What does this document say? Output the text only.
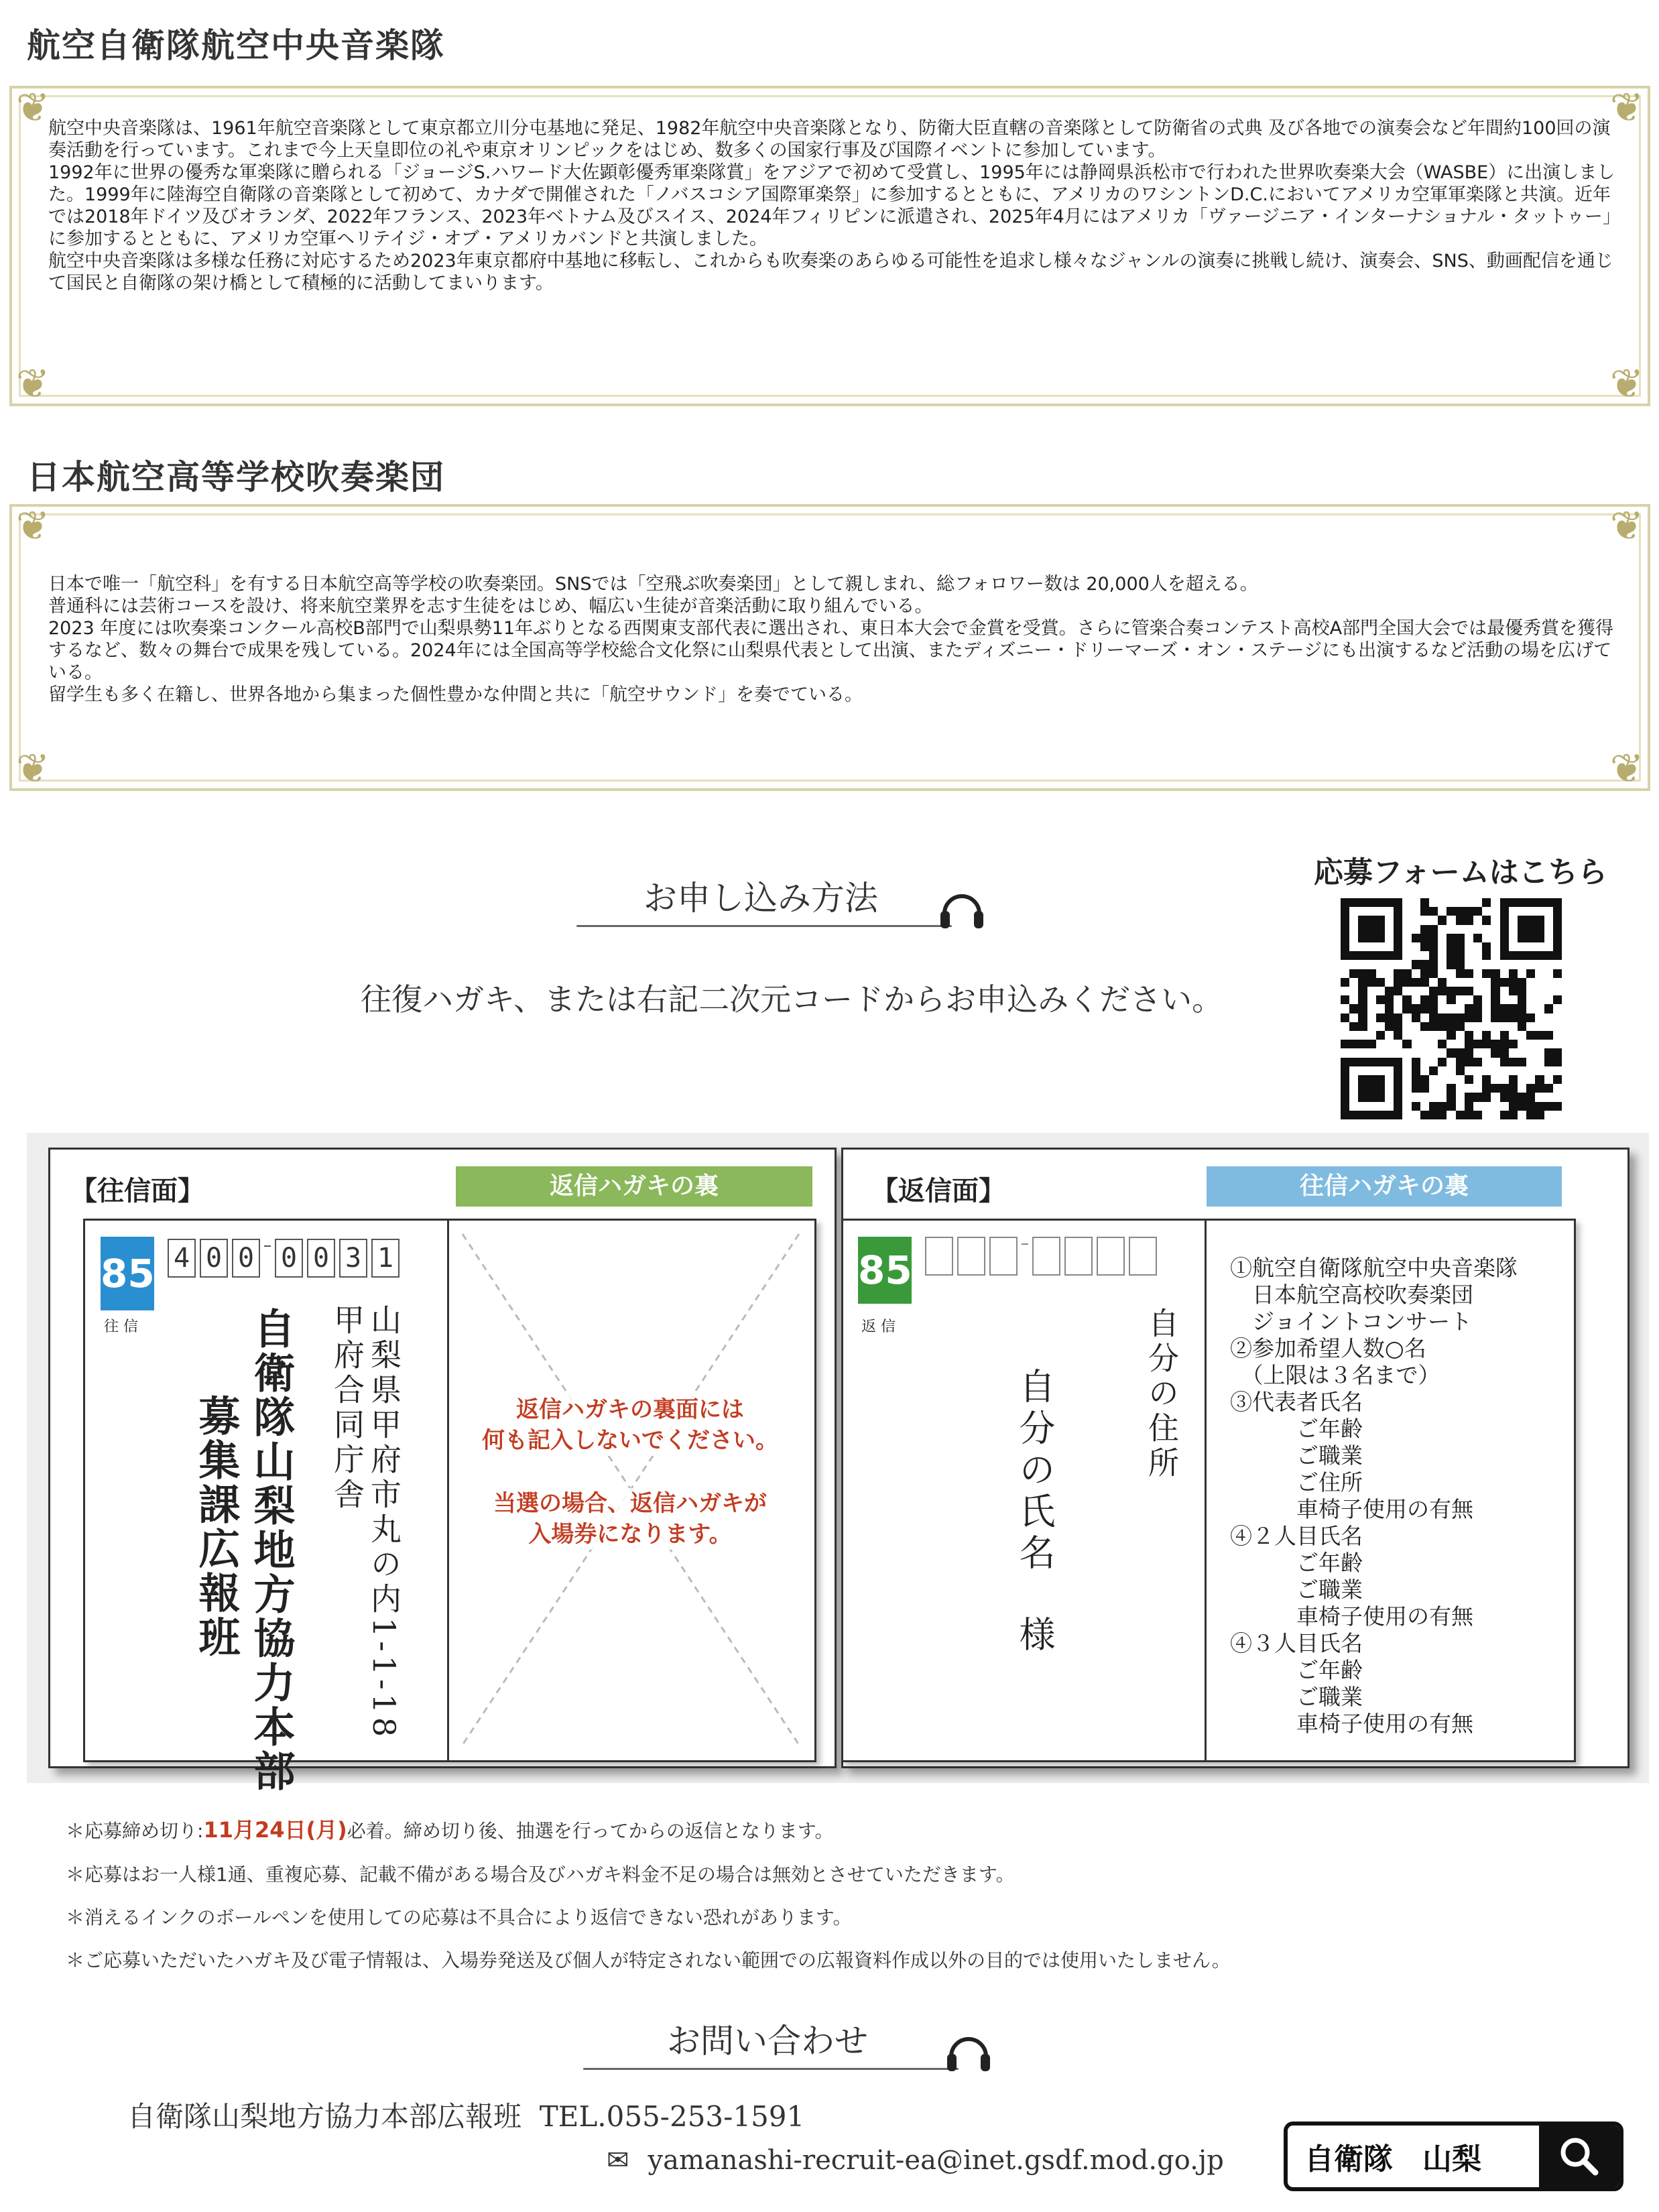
航空自衛隊航空中央音楽隊
❦	❦
❦	❦

航空中央音楽隊は、1961年航空音楽隊として東京都立川分屯基地に発足、1982年航空中央音楽隊となり、防衛大臣直轄の音楽隊として防衛省の式典 及び各地での演奏会など年間約100回の演奏活動を行っています。これまで今上天皇即位の礼や東京オリンピックをはじめ、数多くの国家行事及び国際イベントに参加しています。

1992年に世界の優秀な軍楽隊に贈られる「ジョージS.ハワード大佐顕彰優秀軍楽隊賞」をアジアで初めて受賞し、1995年には静岡県浜松市で行われた世界吹奏楽大会（WASBE）に出演しました。1999年に陸海空自衛隊の音楽隊として初めて、カナダで開催された「ノバスコシア国際軍楽祭」に参加するとともに、アメリカのワシントンD.C.においてアメリカ空軍軍楽隊と共演。近年では2018年ドイツ及びオランダ、2022年フランス、2023年ベトナム及びスイス、2024年フィリピンに派遣され、2025年4月にはアメリカ「ヴァージニア・インターナショナル・タットゥー」に参加するとともに、アメリカ空軍ヘリテイジ・オブ・アメリカバンドと共演しました。

航空中央音楽隊は多様な任務に対応するため2023年東京都府中基地に移転し、これからも吹奏楽のあらゆる可能性を追求し様々なジャンルの演奏に挑戦し続け、演奏会、SNS、動画配信を通じて国民と自衛隊の架け橋として積極的に活動してまいります。

日本航空高等学校吹奏楽団
❦	❦
❦	❦

日本で唯一「航空科」を有する日本航空高等学校の吹奏楽団。SNSでは「空飛ぶ吹奏楽団」として親しまれ、総フォロワー数は 20,000人を超える。

普通科には芸術コースを設け、将来航空業界を志す生徒をはじめ、幅広い生徒が音楽活動に取り組んでいる。

2023 年度には吹奏楽コンクール高校B部門で山梨県勢11年ぶりとなる西関東支部代表に選出され、東日本大会で金賞を受賞。さらに管楽合奏コンテスト高校A部門全国大会では最優秀賞を獲得するなど、数々の舞台で成果を残している。2024年には全国高等学校総合文化祭に山梨県代表として出演、またディズニー・ドリーマーズ・オン・ステージにも出演するなど活動の場を広げている。

留学生も多く在籍し、世界各地から集まった個性豊かな仲間と共に「航空サウンド」を奏でている。

お申し込み方法
往復ハガキ、または右記二次元コードからお申込みください。
応募フォームはこちら
【往信面】	返信ハガキの裏
85
往 信
4 0 0 0 0 3 1
山梨県甲府市丸の内1-1-18
甲府合同庁舎
自衛隊山梨地方協力本部
募集課広報班	返信ハガキの裏面には
何も記入しないでください。
当選の場合、返信ハガキが
入場券になります。
【返信面】	往信ハガキの裏
85
返 信	自分の住所
自分の氏名
様
①航空自衛隊航空中央音楽隊
　日本航空高校吹奏楽団
　ジョイントコンサート
②参加希望人数○名
　（上限は３名まで）
③代表者氏名
　　　ご年齢
　　　ご職業
　　　ご住所
　　　車椅子使用の有無
④２人目氏名
　　　ご年齢
　　　ご職業
　　　車椅子使用の有無
④３人目氏名
　　　ご年齢
　　　ご職業
　　　車椅子使用の有無

＊応募締め切り:11月24日(月)必着。締め切り後、抽選を行ってからの返信となります。

＊応募はお一人様1通、重複応募、記載不備がある場合及びハガキ料金不足の場合は無効とさせていただきます。

＊消えるインクのボールペンを使用しての応募は不具合により返信できない恐れがあります。

＊ご応募いただいたハガキ及び電子情報は、入場券発送及び個人が特定されない範囲での広報資料作成以外の目的では使用いたしません。

お問い合わせ
自衛隊山梨地方協力本部広報班 TEL.055-253-1591
✉ yamanashi-recruit-ea@inet.gsdf.mod.go.jp	自衛隊　山梨
